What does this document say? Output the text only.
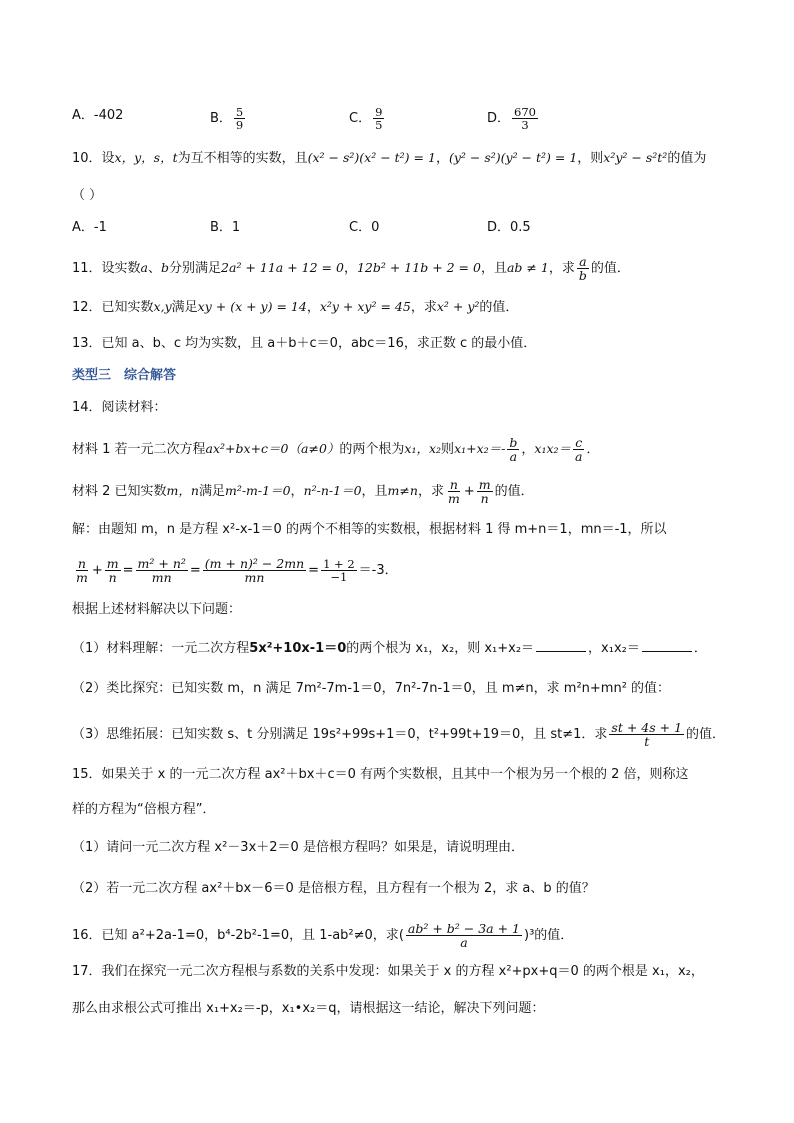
A．-402	B． $\frac{5}{9}$	C． $\frac{9}{5}$	D． $\frac{670}{3}$
10．设x，y，s，t为互不相等的实数，且(x² − s²)(x² − t²) = 1，(y² − s²)(y² − t²) = 1，则x²y² − s²t²的值为
（ ）
A．-1	B．1	C．0	D．0.5
11．设实数a、b分别满足2a² + 11a + 12 = 0，12b² + 11b + 2 = 0，且ab ≠ 1，求 $\frac{a}{b}$ 的值．
12．已知实数x,y满足xy + (x + y) = 14，x²y + xy² = 45，求x² + y²的值．
13．已知 a、b、c 均为实数，且 a＋b＋c＝0，abc＝16，求正数 c 的最小值．
类型三　综合解答
14．阅读材料：
材料 1 若一元二次方程ax²+bx+c＝0（a≠0）的两个根为x₁，x₂则$x_1+x_2=- \frac{b}{a}$ ，$x_1x_2= \frac{c}{a}$ ．
材料 2 已知实数m，n满足m²-m-1＝0，n²-n-1＝0，且m≠n，求 $\frac{n}{m} + \frac{m}{n}$ 的值．
解：由题知 m，n 是方程 x²-x-1＝0 的两个不相等的实数根，根据材料 1 得 m+n＝1，mn＝-1，所以
$\frac{n}{m} + \frac{m}{n} = \frac{\text{m² + n²}}{mn} = \frac{\text{(m + n)² − 2mn}}{mn} = \frac{1 + 2}{-1} =-3$．
根据上述材料解决以下问题：
（1）材料理解：一元二次方程5x²+10x-1＝0的两个根为 x₁，x₂，则 x₁+x₂＝	，x₁x₂＝	．
（2）类比探究：已知实数 m，n 满足 7m²-7m-1＝0，7n²-7n-1＝0，且 m≠n，求 m²n+mn² 的值：
（3）思维拓展：已知实数 s、t 分别满足 19s²+99s+1＝0，t²+99t+19＝0，且 st≠1．求 $\frac{st + 4s + 1}{t}$ 的值．
15．如果关于 x 的一元二次方程 ax²＋bx＋c＝0 有两个实数根，且其中一个根为另一个根的 2 倍，则称这
样的方程为“倍根方程”．
（1）请问一元二次方程 x²－3x＋2＝0 是倍根方程吗？如果是，请说明理由．
（2）若一元二次方程 ax²＋bx－6＝0 是倍根方程，且方程有一个根为 2，求 a、b 的值？
16．已知 a²+2a-1=0，b⁴-2b²-1=0，且 1-ab²≠0，求( $\frac{\text{ab² + b² − 3a + 1}}{a} )^3$的值．
17．我们在探究一元二次方程根与系数的关系中发现：如果关于 x 的方程 x²+px+q＝0 的两个根是 x₁，x₂，
那么由求根公式可推出 x₁+x₂＝-p，x₁•x₂＝q，请根据这一结论，解决下列问题：
